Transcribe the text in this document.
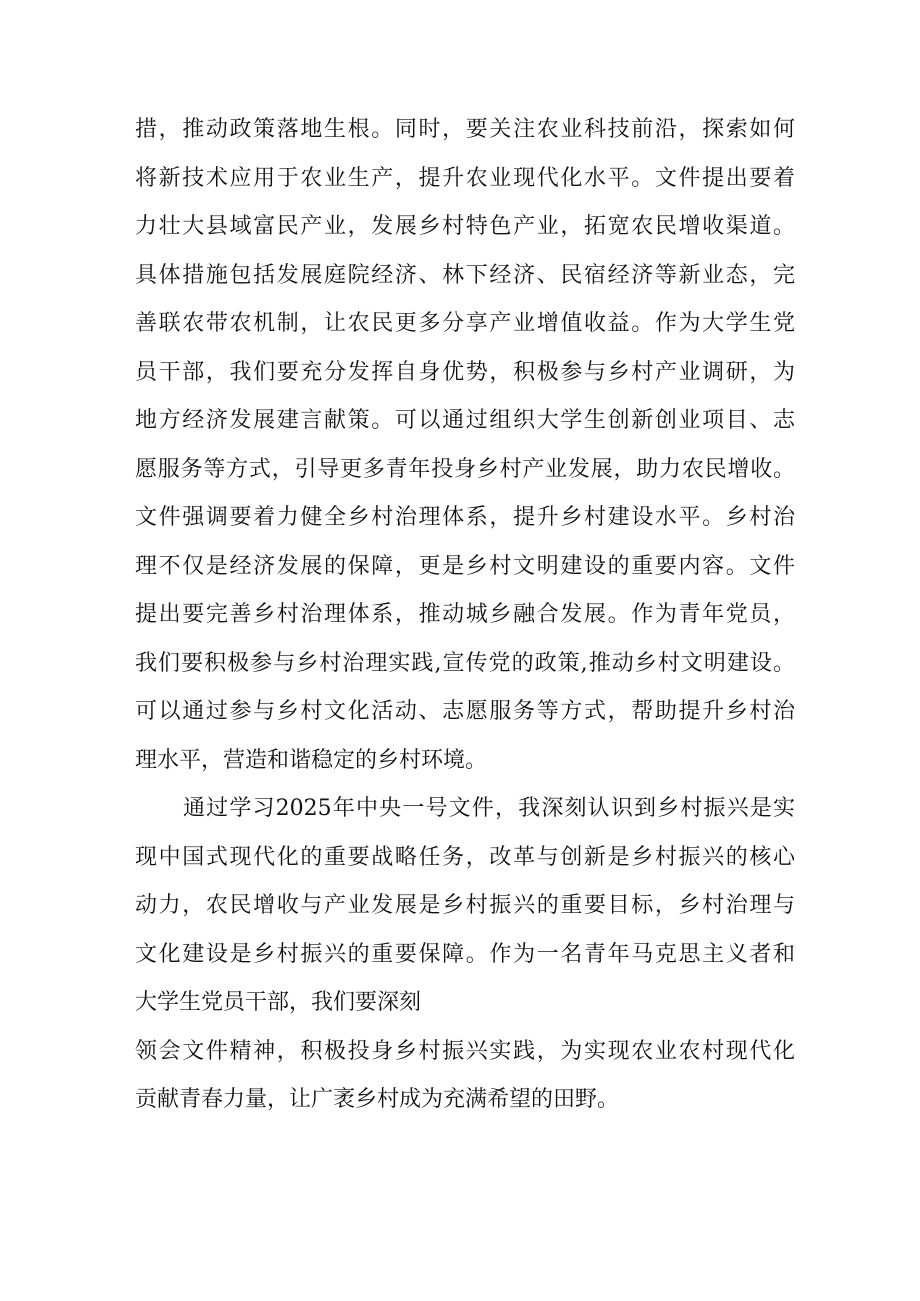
措，推动政策落地生根。同时，要关注农业科技前沿，探索如何
将新技术应用于农业生产，提升农业现代化水平。文件提出要着
力壮大县域富民产业，发展乡村特色产业，拓宽农民增收渠道。
具体措施包括发展庭院经济、林下经济、民宿经济等新业态，完
善联农带农机制，让农民更多分享产业增值收益。作为大学生党
员干部，我们要充分发挥自身优势，积极参与乡村产业调研，为
地方经济发展建言献策。可以通过组织大学生创新创业项目、志
愿服务等方式，引导更多青年投身乡村产业发展，助力农民增收。
文件强调要着力健全乡村治理体系，提升乡村建设水平。乡村治
理不仅是经济发展的保障，更是乡村文明建设的重要内容。文件
提出要完善乡村治理体系，推动城乡融合发展。作为青年党员，
我们要积极参与乡村治理实践,宣传党的政策,推动乡村文明建设。
可以通过参与乡村文化活动、志愿服务等方式，帮助提升乡村治
理水平，营造和谐稳定的乡村环境。
通过学习2025年中央一号文件，我深刻认识到乡村振兴是实
现中国式现代化的重要战略任务，改革与创新是乡村振兴的核心
动力，农民增收与产业发展是乡村振兴的重要目标，乡村治理与
文化建设是乡村振兴的重要保障。作为一名青年马克思主义者和
大学生党员干部，我们要深刻
领会文件精神，积极投身乡村振兴实践，为实现农业农村现代化
贡献青春力量，让广袤乡村成为充满希望的田野。
